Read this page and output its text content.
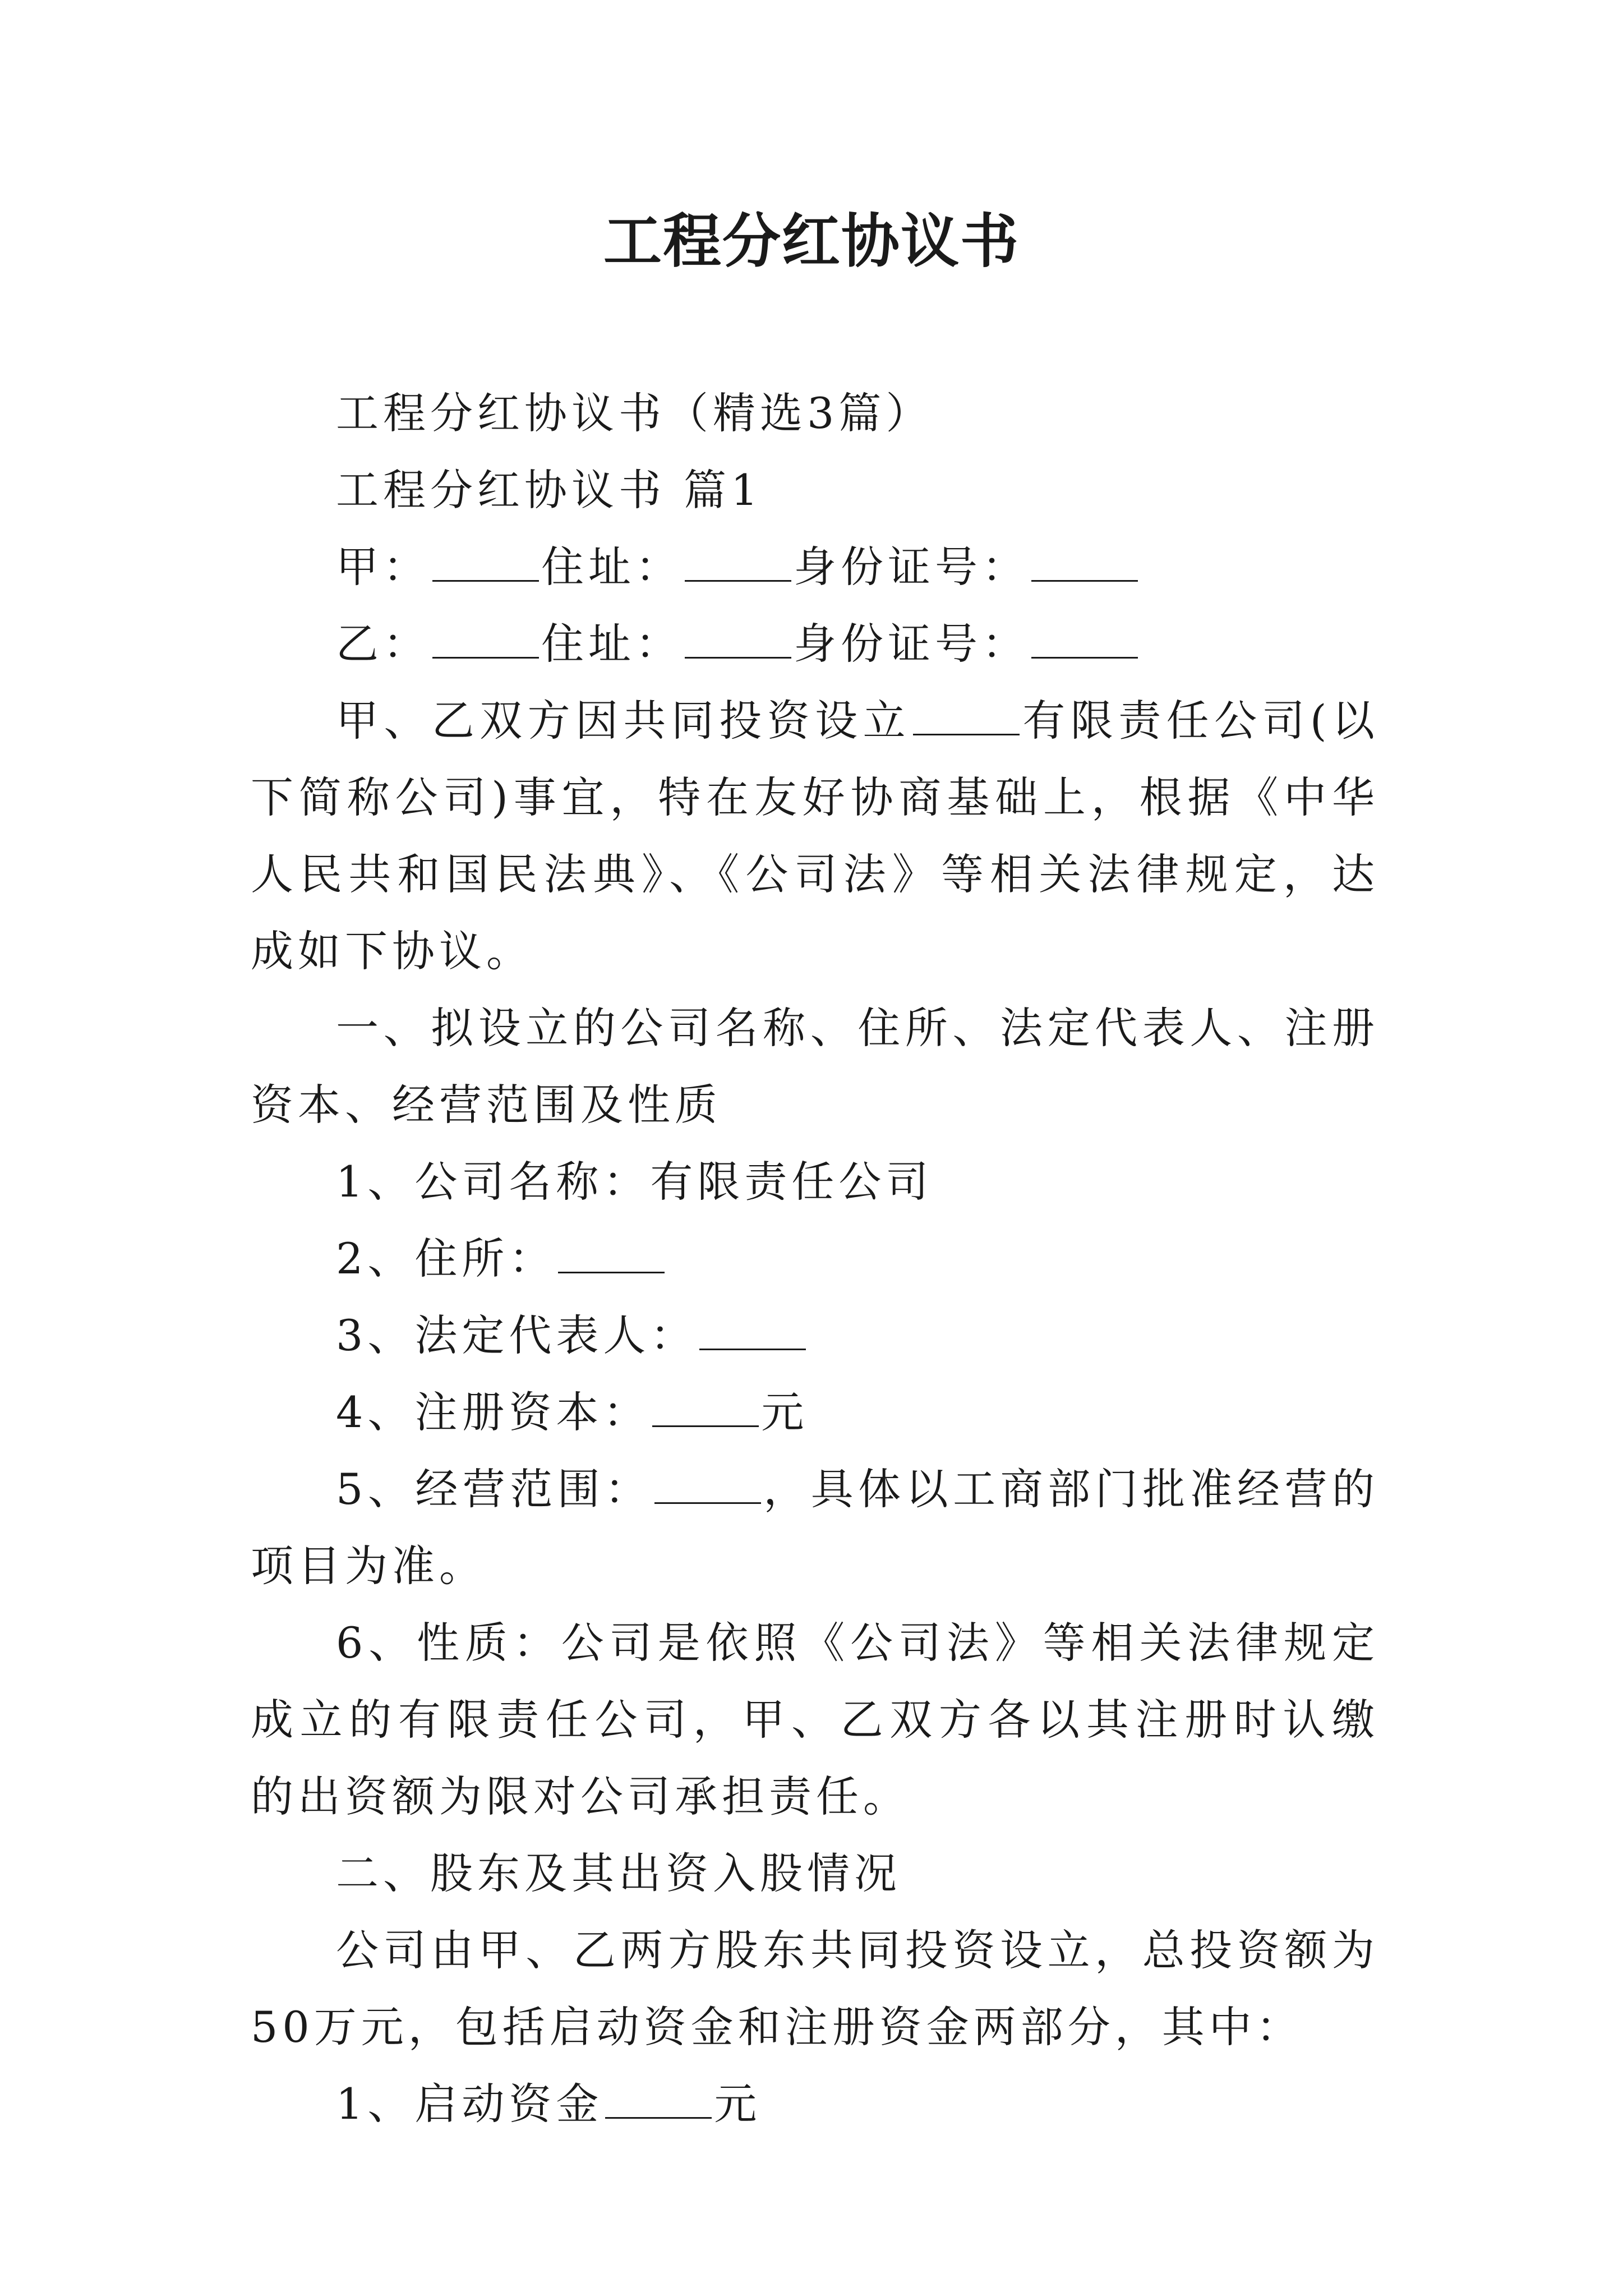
工程分红协议书

工程分红协议书（精选3篇）

工程分红协议书 篇1

甲：	住址：	身份证号：

乙：	住址：	身份证号：

甲、乙双方因共同投资设立	有限责任公司(以下简称公司)事宜，特在友好协商基础上，根据《中华人民共和国民法典》、《公司法》等相关法律规定，达成如下协议。

一、拟设立的公司名称、住所、法定代表人、注册资本、经营范围及性质

1、公司名称：有限责任公司

2、住所：

3、法定代表人：

4、注册资本：	元

5、经营范围：	，具体以工商部门批准经营的项目为准。

6、性质：公司是依照《公司法》等相关法律规定成立的有限责任公司，甲、乙双方各以其注册时认缴的出资额为限对公司承担责任。

二、股东及其出资入股情况

公司由甲、乙两方股东共同投资设立，总投资额为50万元，包括启动资金和注册资金两部分，其中：

1、启动资金	元
